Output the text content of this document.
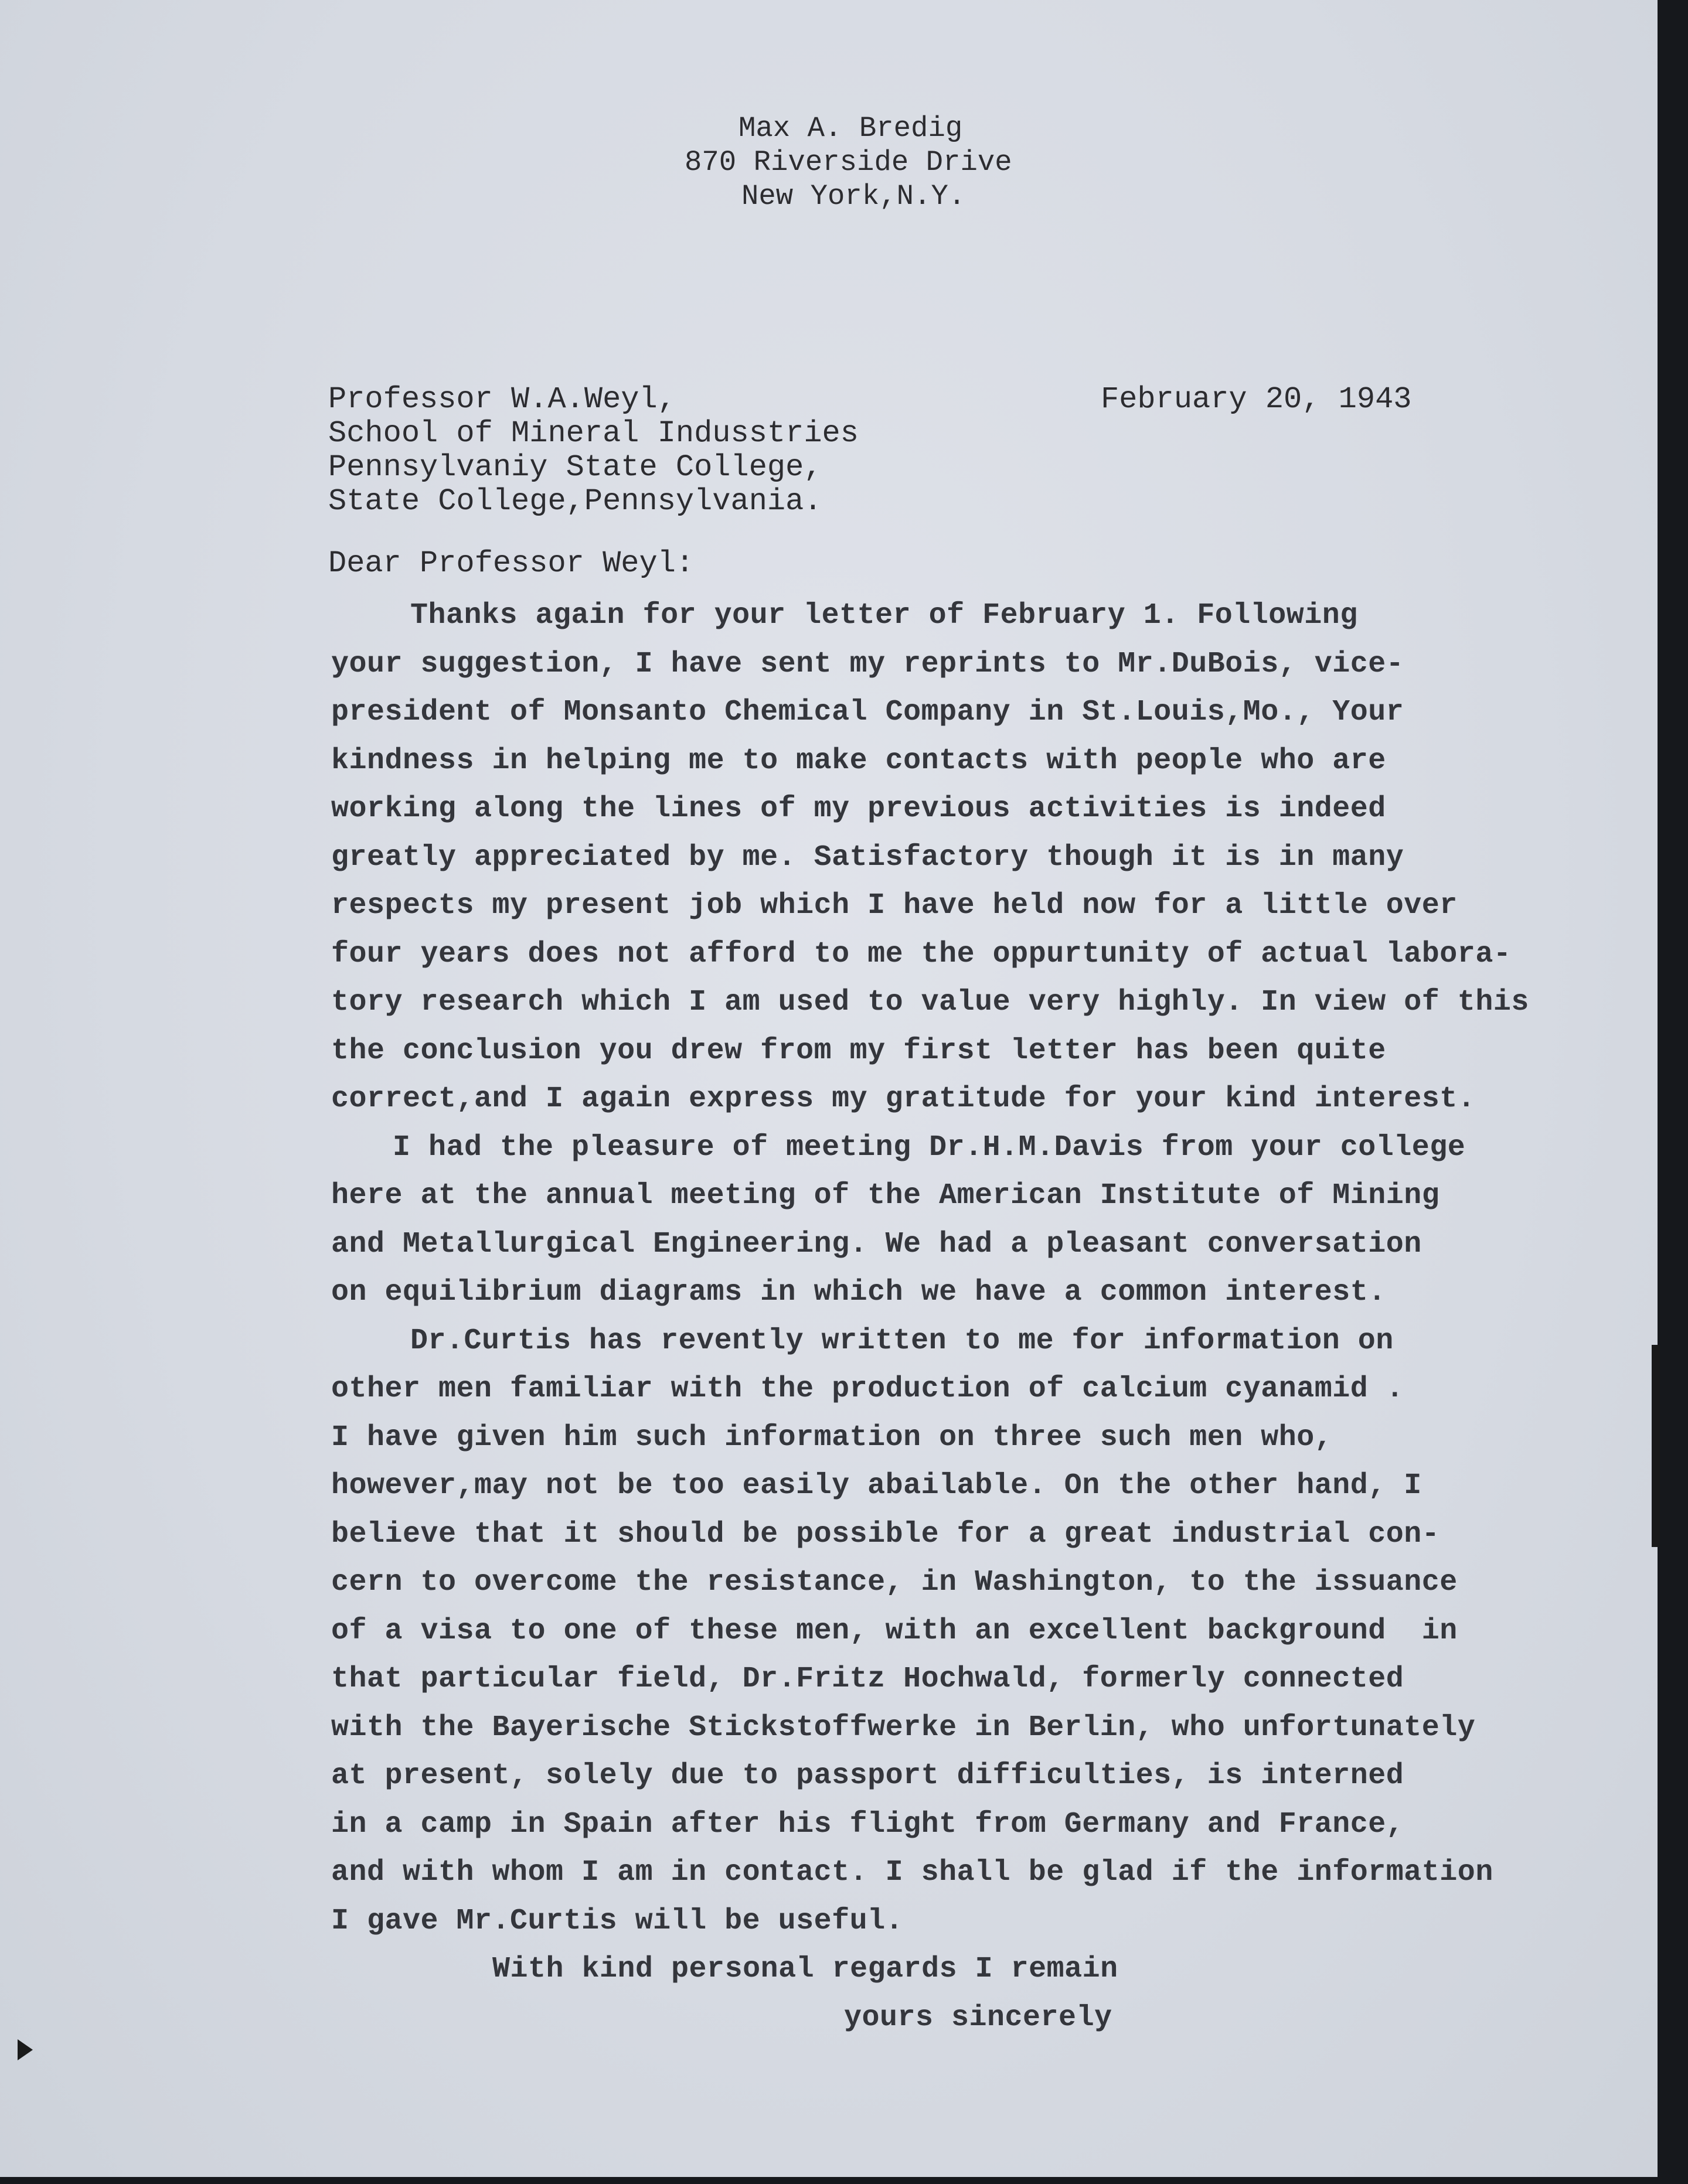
Max A. Bredig
870 Riverside Drive
New York,N.Y.
Professor W.A.Weyl,
School of Mineral Indusstries
Pennsylvaniy State College,
State College,Pennsylvania.
February 20, 1943
Dear Professor Weyl:
Thanks again for your letter of February 1. Following
your suggestion, I have sent my reprints to Mr.DuBois, vice-
president of Monsanto Chemical Company in St.Louis,Mo., Your
kindness in helping me to make contacts with people who are
working along the lines of my previous activities is indeed
greatly appreciated by me. Satisfactory though it is in many
respects my present job which I have held now for a little over
four years does not afford to me the oppurtunity of actual labora-
tory research which I am used to value very highly. In view of this
the conclusion you drew from my first letter has been quite
correct,and I again express my gratitude for your kind interest.
I had the pleasure of meeting Dr.H.M.Davis from your college
here at the annual meeting of the American Institute of Mining
and Metallurgical Engineering. We had a pleasant conversation
on equilibrium diagrams in which we have a common interest.
Dr.Curtis has revently written to me for information on
other men familiar with the production of calcium cyanamid .
I have given him such information on three such men who,
however,may not be too easily abailable. On the other hand, I
believe that it should be possible for a great industrial con-
cern to overcome the resistance, in Washington, to the issuance
of a visa to one of these men, with an excellent background  in
that particular field, Dr.Fritz Hochwald, formerly connected
with the Bayerische Stickstoffwerke in Berlin, who unfortunately
at present, solely due to passport difficulties, is interned
in a camp in Spain after his flight from Germany and France,
and with whom I am in contact. I shall be glad if the information
I gave Mr.Curtis will be useful.
With kind personal regards I remain
yours sincerely
